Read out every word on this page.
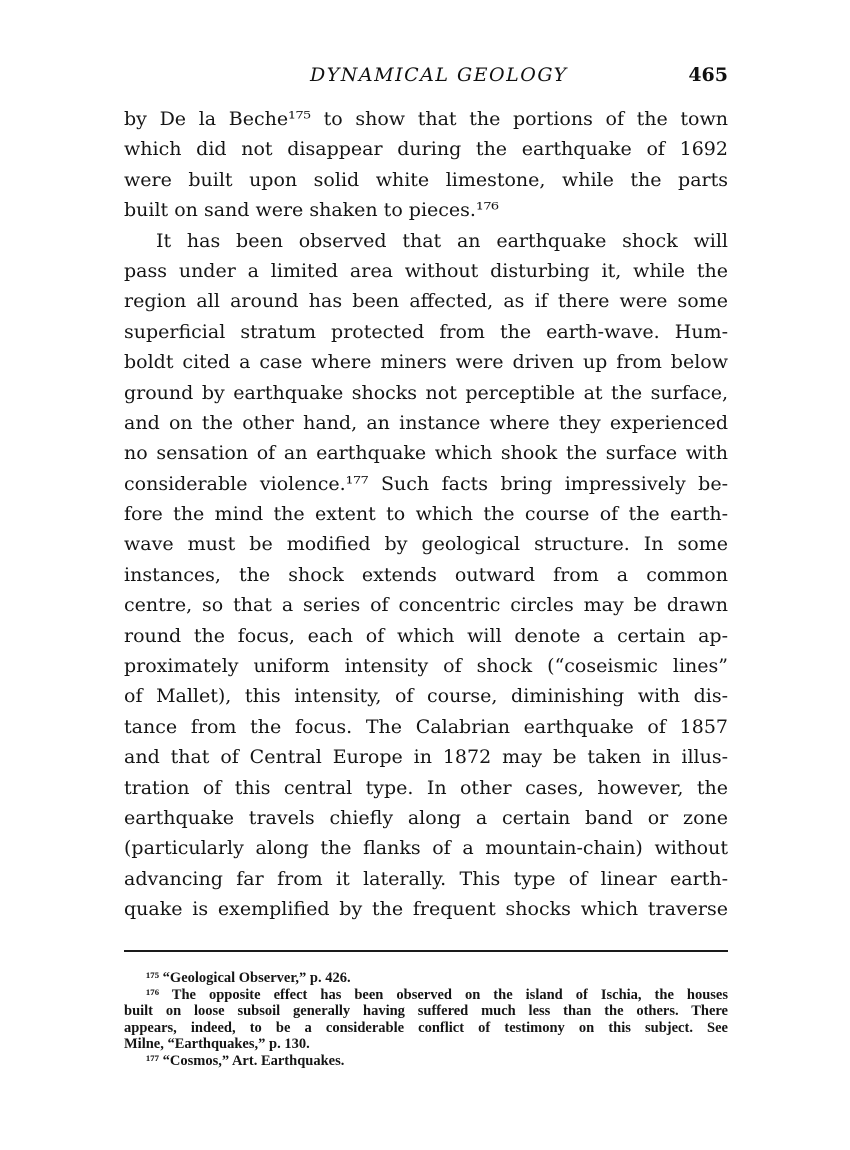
DYNAMICAL GEOLOGY	465
by De la Beche¹⁷⁵ to show that the portions of the town
which did not disappear during the earthquake of 1692
were built upon solid white limestone, while the parts
built on sand were shaken to pieces.¹⁷⁶
It has been observed that an earthquake shock will
pass under a limited area without disturbing it, while the
region all around has been affected, as if there were some
superficial stratum protected from the earth-wave. Hum-
boldt cited a case where miners were driven up from below
ground by earthquake shocks not perceptible at the surface,
and on the other hand, an instance where they experienced
no sensation of an earthquake which shook the surface with
considerable violence.¹⁷⁷ Such facts bring impressively be-
fore the mind the extent to which the course of the earth-
wave must be modified by geological structure. In some
instances, the shock extends outward from a common
centre, so that a series of concentric circles may be drawn
round the focus, each of which will denote a certain ap-
proximately uniform intensity of shock (“coseismic lines”
of Mallet), this intensity, of course, diminishing with dis-
tance from the focus. The Calabrian earthquake of 1857
and that of Central Europe in 1872 may be taken in illus-
tration of this central type. In other cases, however, the
earthquake travels chiefly along a certain band or zone
(particularly along the flanks of a mountain-chain) without
advancing far from it laterally. This type of linear earth-
quake is exemplified by the frequent shocks which traverse
¹⁷⁵ “Geological Observer,” p. 426.
¹⁷⁶ The opposite effect has been observed on the island of Ischia, the houses
built on loose subsoil generally having suffered much less than the others. There
appears, indeed, to be a considerable conflict of testimony on this subject. See
Milne, “Earthquakes,” p. 130.
¹⁷⁷ “Cosmos,” Art. Earthquakes.
